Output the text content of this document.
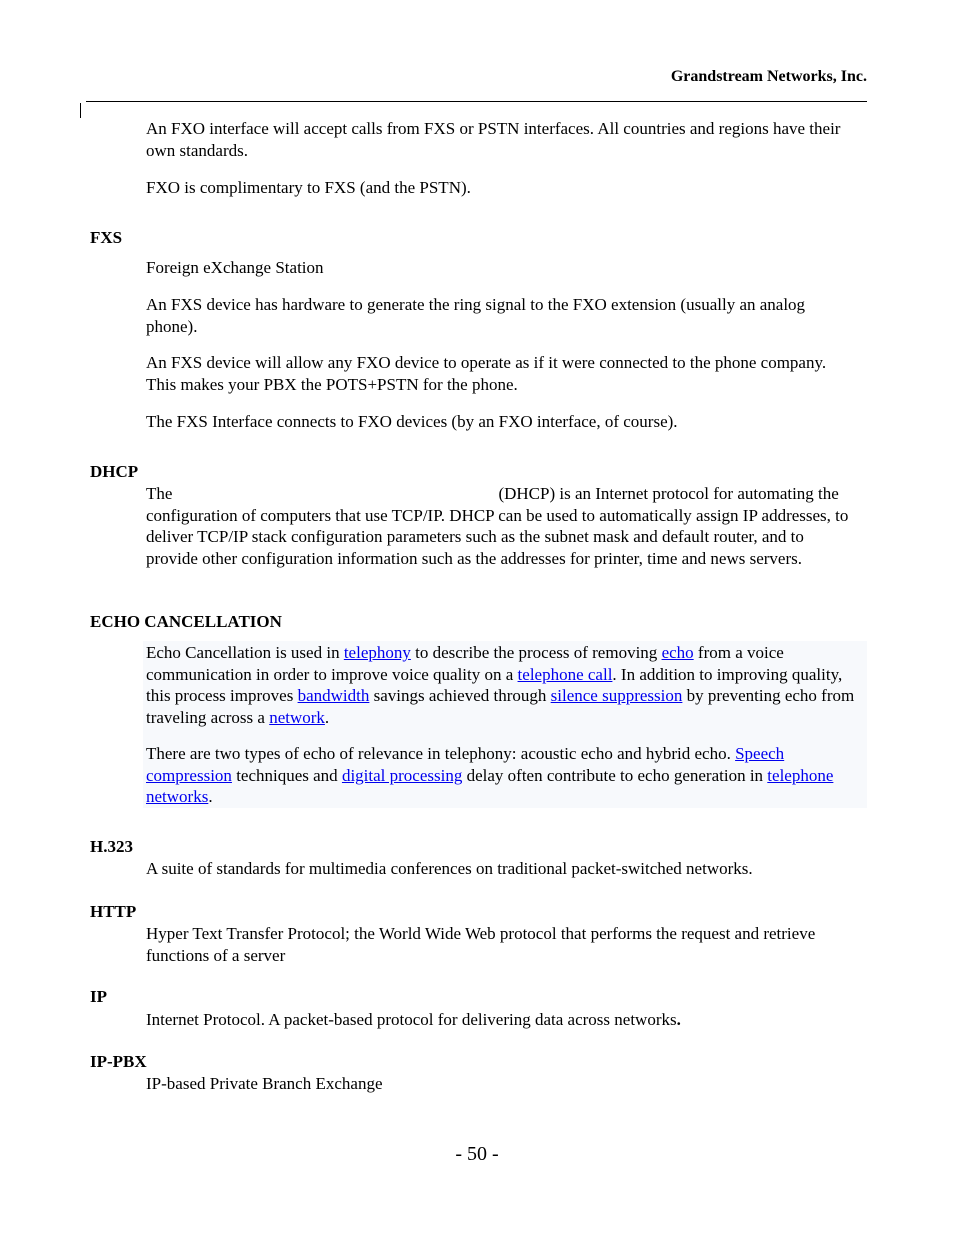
Grandstream Networks, Inc.

An FXO interface will accept calls from FXS or PSTN interfaces. All countries and regions have their own standards.

FXO is complimentary to FXS (and the PSTN).

FXS

Foreign eXchange Station

An FXS device has hardware to generate the ring signal to the FXO extension (usually an analog phone).

An FXS device will allow any FXO device to operate as if it were connected to the phone company. This makes your PBX the POTS+PSTN for the phone.

The FXS Interface connects to FXO devices (by an FXO interface, of course).

DHCP

The	(DHCP) is an Internet protocol for automating the configuration of computers that use TCP/IP. DHCP can be used to automatically assign IP addresses, to deliver TCP/IP stack configuration parameters such as the subnet mask and default router, and to provide other configuration information such as the addresses for printer, time and news servers.

ECHO CANCELLATION

Echo Cancellation is used in telephony to describe the process of removing echo from a voice communication in order to improve voice quality on a telephone call. In addition to improving quality, this process improves bandwidth savings achieved through silence suppression by preventing echo from traveling across a network.

There are two types of echo of relevance in telephony: acoustic echo and hybrid echo. Speech compression techniques and digital processing delay often contribute to echo generation in telephone networks.

H.323

A suite of standards for multimedia conferences on traditional packet-switched networks.

HTTP

Hyper Text Transfer Protocol; the World Wide Web protocol that performs the request and retrieve functions of a server

IP

Internet Protocol. A packet-based protocol for delivering data across networks.

IP-PBX

IP-based Private Branch Exchange

- 50 -
